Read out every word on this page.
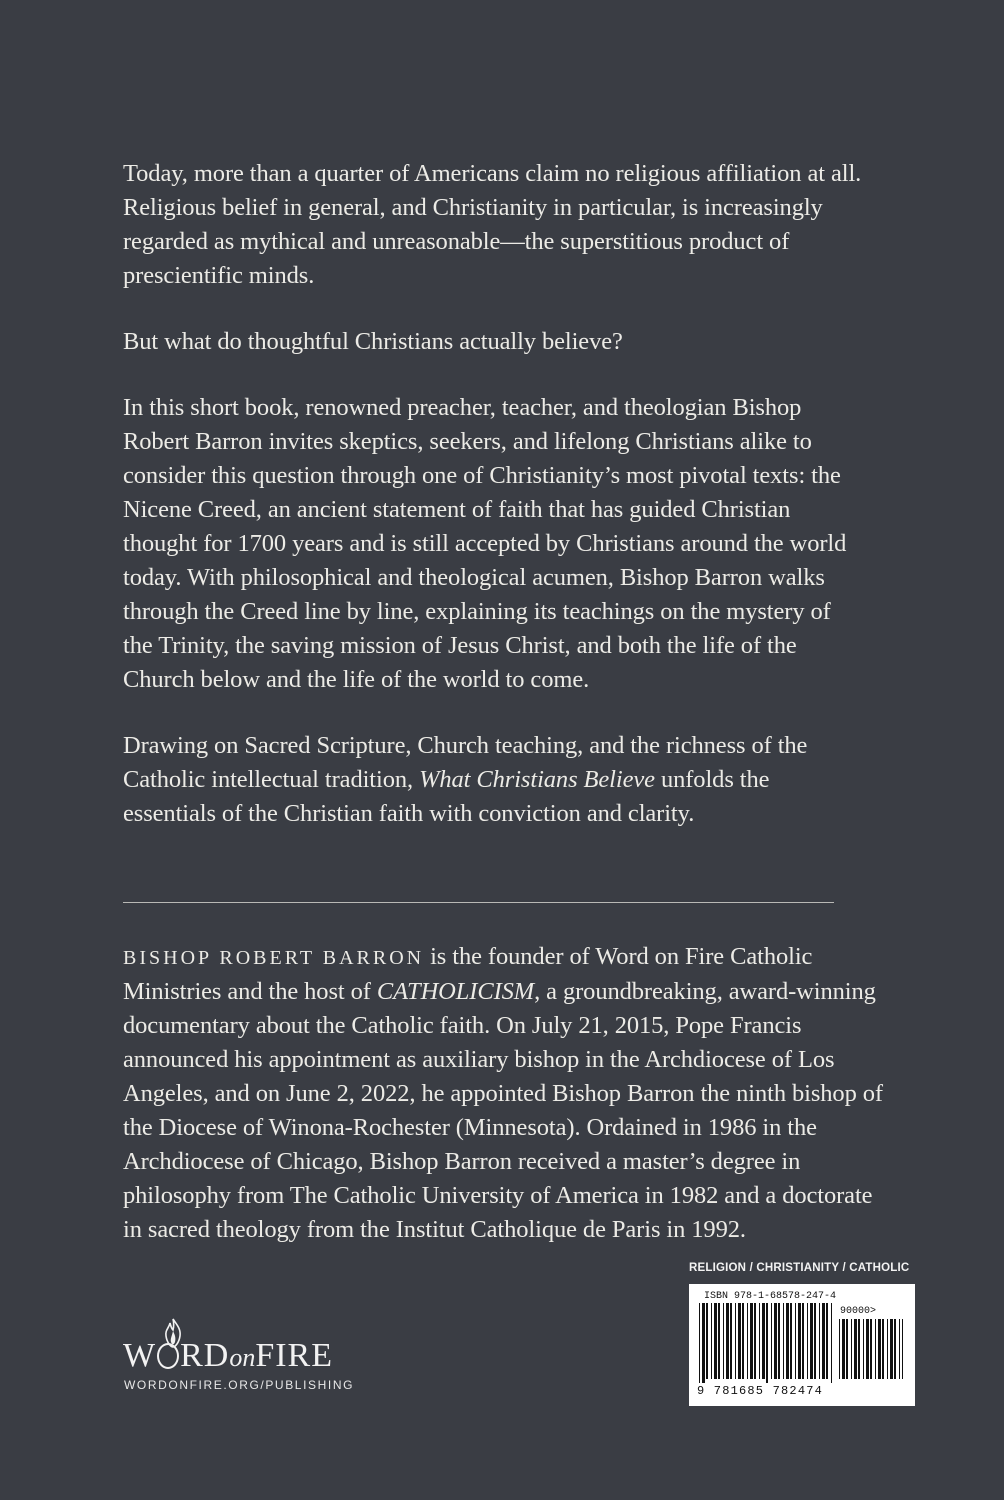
Today, more than a quarter of Americans claim no religious affiliation at all. Religious belief in general, and Christianity in particular, is increasingly regarded as mythical and unreasonable—the superstitious product of prescientific minds.

But what do thoughtful Christians actually believe?

In this short book, renowned preacher, teacher, and theologian Bishop Robert Barron invites skeptics, seekers, and lifelong Christians alike to consider this question through one of Christianity’s most pivotal texts: the Nicene Creed, an ancient statement of faith that has guided Christian thought for 1700 years and is still accepted by Christians around the world today. With philosophical and theological acumen, Bishop Barron walks through the Creed line by line, explaining its teachings on the mystery of the Trinity, the saving mission of Jesus Christ, and both the life of the Church below and the life of the world to come.

Drawing on Sacred Scripture, Church teaching, and the richness of the Catholic intellectual tradition, What Christians Believe unfolds the essentials of the Christian faith with conviction and clarity.

BISHOP ROBERT BARRON is the founder of Word on Fire Catholic Ministries and the host of CATHOLICISM, a groundbreaking, award-winning documentary about the Catholic faith. On July 21, 2015, Pope Francis announced his appointment as auxiliary bishop in the Archdiocese of Los Angeles, and on June 2, 2022, he appointed Bishop Barron the ninth bishop of the Diocese of Winona-Rochester (Minnesota). Ordained in 1986 in the Archdiocese of Chicago, Bishop Barron received a master’s degree in philosophy from The Catholic University of America in 1982 and a doctorate in sacred theology from the Institut Catholique de Paris in 1992.

W RDonFIRE
WORDONFIRE.ORG/PUBLISHING
RELIGION / CHRISTIANITY / CATHOLIC
ISBN 978-1-68578-247-4
90000>
9 781685 782474
